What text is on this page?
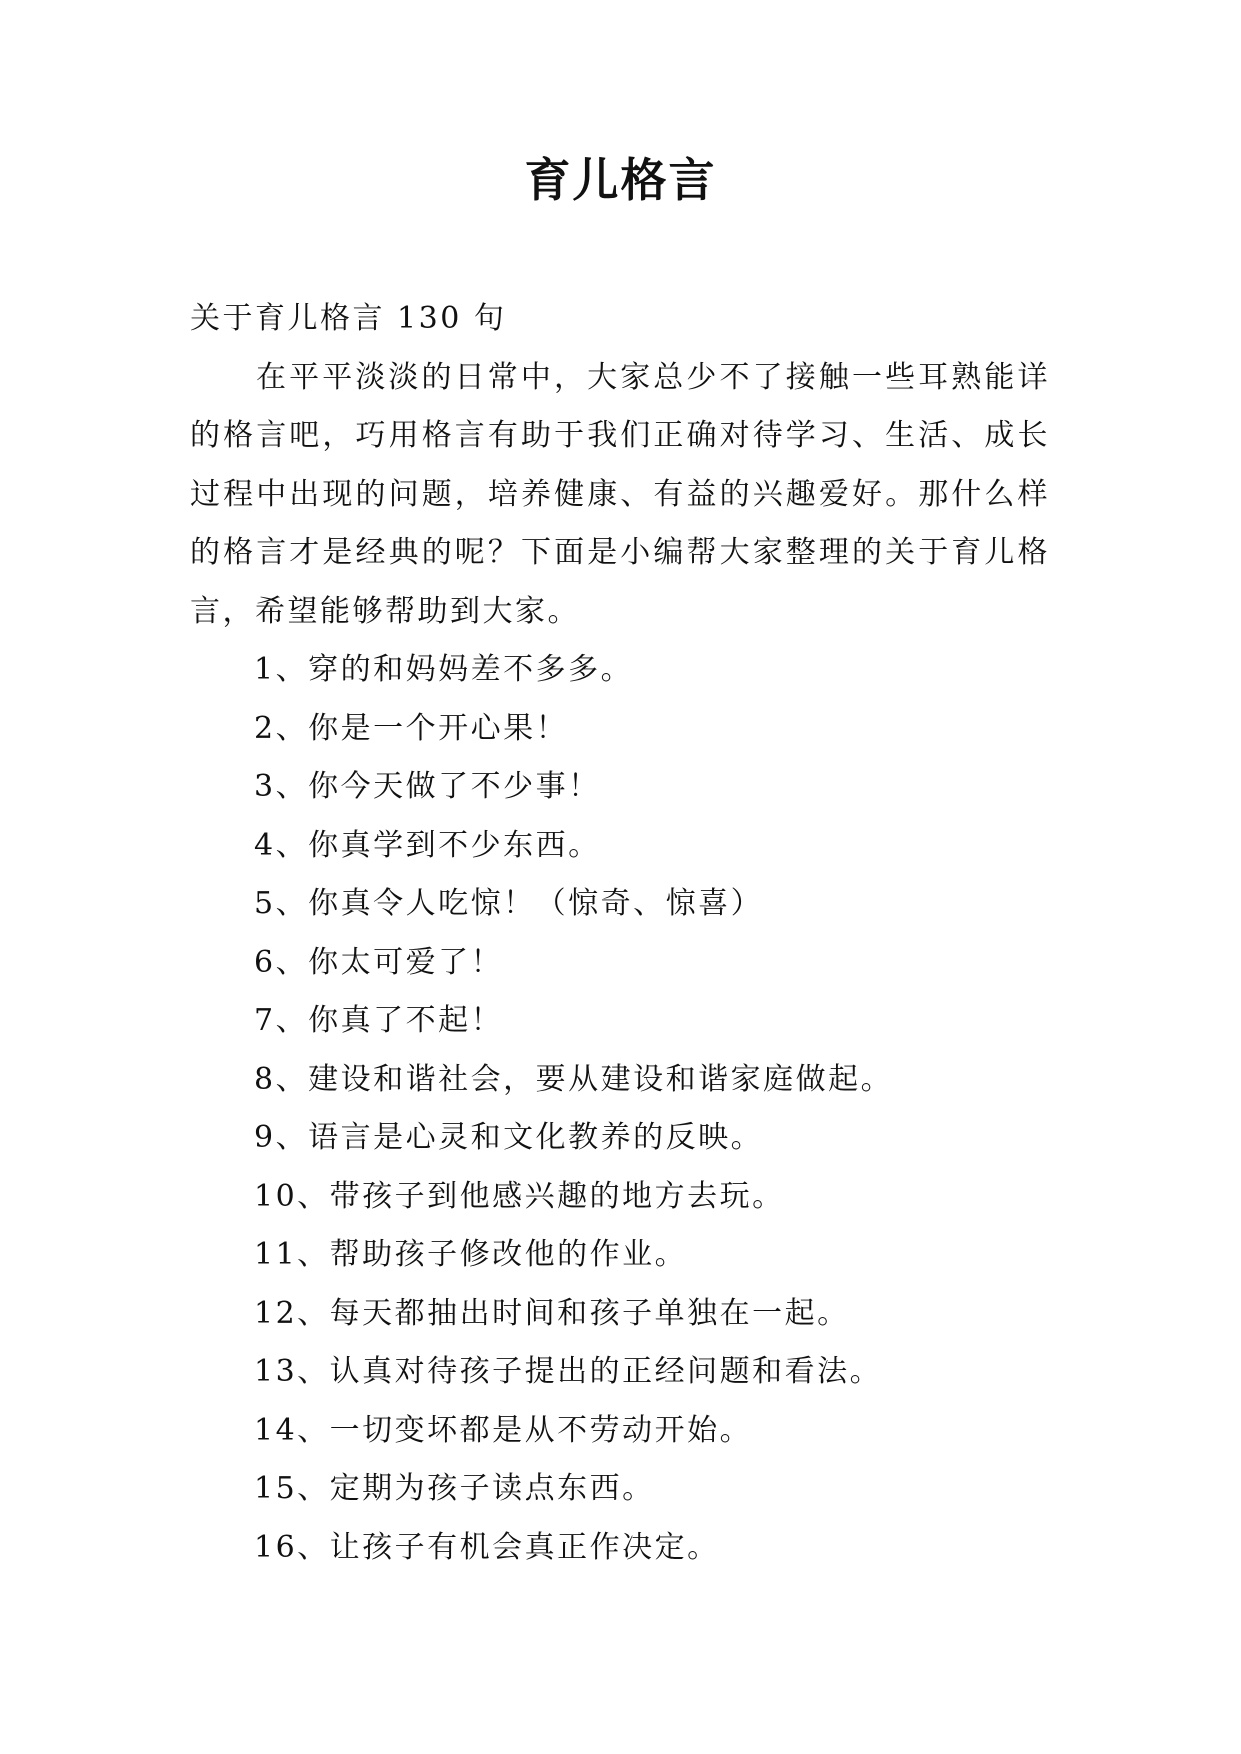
育儿格言

关于育儿格言 130 句

在平平淡淡的日常中，大家总少不了接触一些耳熟能详的格言吧，巧用格言有助于我们正确对待学习、生活、成长过程中出现的问题，培养健康、有益的兴趣爱好。那什么样的格言才是经典的呢？下面是小编帮大家整理的关于育儿格言，希望能够帮助到大家。

1、穿的和妈妈差不多多。
2、你是一个开心果！
3、你今天做了不少事！
4、你真学到不少东西。
5、你真令人吃惊！（惊奇、惊喜）
6、你太可爱了！
7、你真了不起！
8、建设和谐社会，要从建设和谐家庭做起。
9、语言是心灵和文化教养的反映。
10、带孩子到他感兴趣的地方去玩。
11、帮助孩子修改他的作业。
12、每天都抽出时间和孩子单独在一起。
13、认真对待孩子提出的正经问题和看法。
14、一切变坏都是从不劳动开始。
15、定期为孩子读点东西。
16、让孩子有机会真正作决定。
